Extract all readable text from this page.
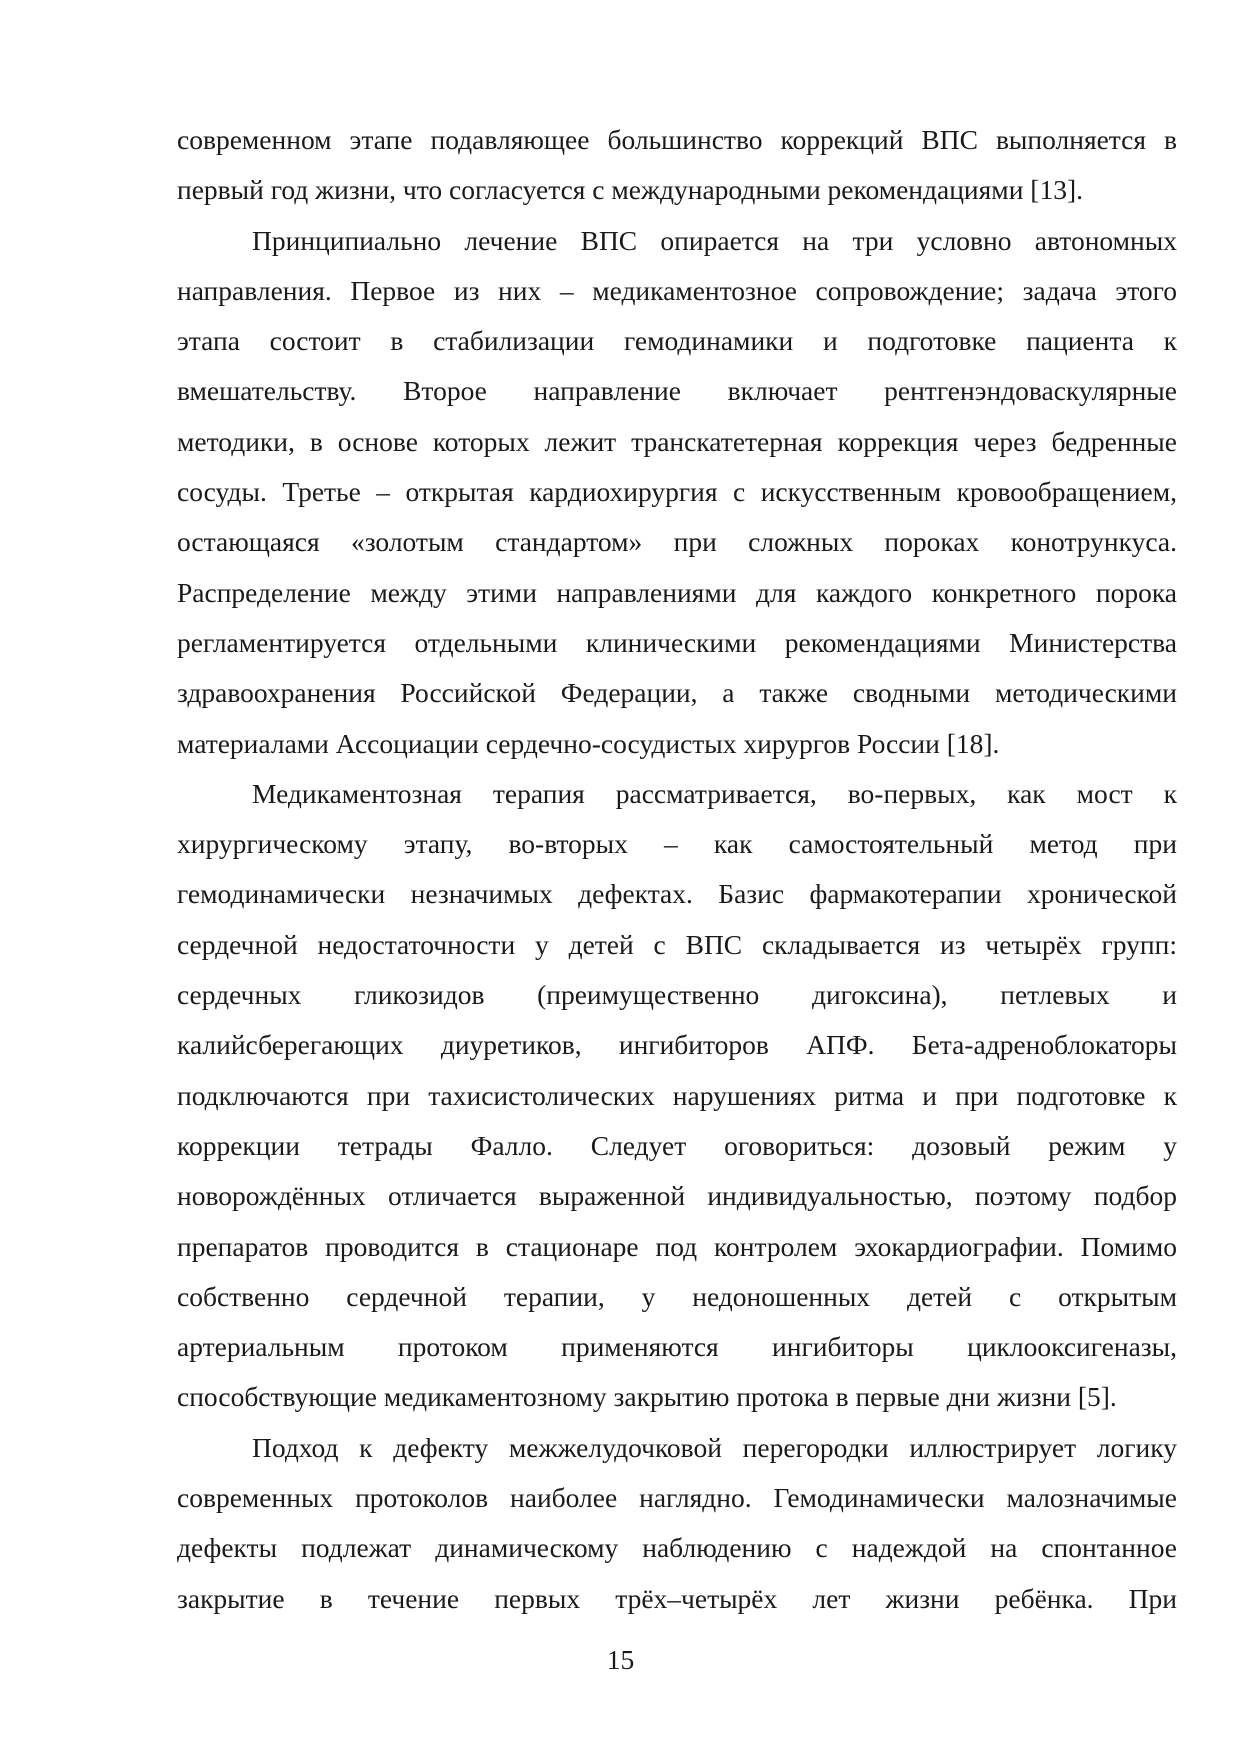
современном этапе подавляющее большинство коррекций ВПС выполняется в
первый год жизни, что согласуется с международными рекомендациями [13].
Принципиально лечение ВПС опирается на три условно автономных
направления. Первое из них – медикаментозное сопровождение; задача этого
этапа состоит в стабилизации гемодинамики и подготовке пациента к
вмешательству. Второе направление включает рентгенэндоваскулярные
методики, в основе которых лежит транскатетерная коррекция через бедренные
сосуды. Третье – открытая кардиохирургия с искусственным кровообращением,
остающаяся «золотым стандартом» при сложных пороках конотрункуса.
Распределение между этими направлениями для каждого конкретного порока
регламентируется отдельными клиническими рекомендациями Министерства
здравоохранения Российской Федерации, а также сводными методическими
материалами Ассоциации сердечно-сосудистых хирургов России [18].
Медикаментозная терапия рассматривается, во-первых, как мост к
хирургическому этапу, во-вторых – как самостоятельный метод при
гемодинамически незначимых дефектах. Базис фармакотерапии хронической
сердечной недостаточности у детей с ВПС складывается из четырёх групп:
сердечных гликозидов (преимущественно дигоксина), петлевых и
калийсберегающих диуретиков, ингибиторов АПФ. Бета-адреноблокаторы
подключаются при тахисистолических нарушениях ритма и при подготовке к
коррекции тетрады Фалло. Следует оговориться: дозовый режим у
новорождённых отличается выраженной индивидуальностью, поэтому подбор
препаратов проводится в стационаре под контролем эхокардиографии. Помимо
собственно сердечной терапии, у недоношенных детей с открытым
артериальным протоком применяются ингибиторы циклооксигеназы,
способствующие медикаментозному закрытию протока в первые дни жизни [5].
Подход к дефекту межжелудочковой перегородки иллюстрирует логику
современных протоколов наиболее наглядно. Гемодинамически малозначимые
дефекты подлежат динамическому наблюдению с надеждой на спонтанное
закрытие в течение первых трёх–четырёх лет жизни ребёнка. При
15
